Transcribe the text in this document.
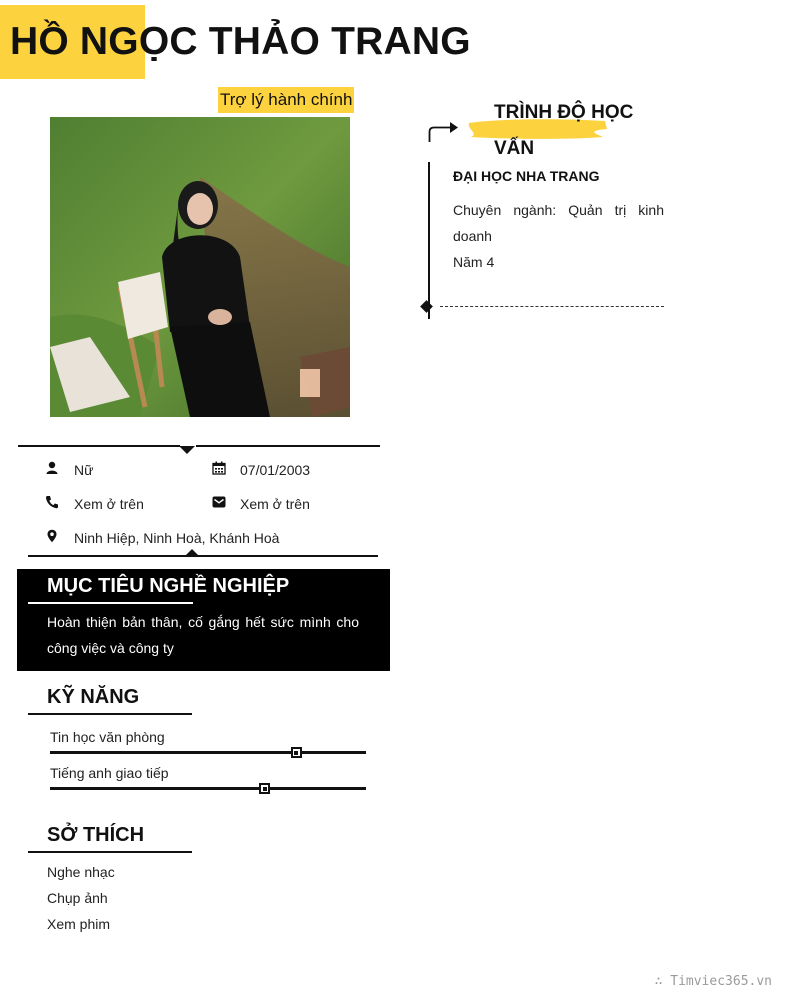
HỒ NGỌC THẢO TRANG
Trợ lý hành chính
Nữ	07/01/2003
Xem ở trên	Xem ở trên
Ninh Hiệp, Ninh Hoà, Khánh Hoà
MỤC TIÊU NGHỀ NGHIỆP
Hoàn thiện bản thân, cố gắng hết sức mình cho công việc và công ty
KỸ NĂNG
Tin học văn phòng
Tiếng anh giao tiếp
SỞ THÍCH
Nghe nhạc
Chụp ảnh
Xem phim
TRÌNH ĐỘ HỌC VẤN
ĐẠI HỌC NHA TRANG
Chuyên ngành: Quản trị kinh doanh
Năm 4
∴ Timviec365.vn
